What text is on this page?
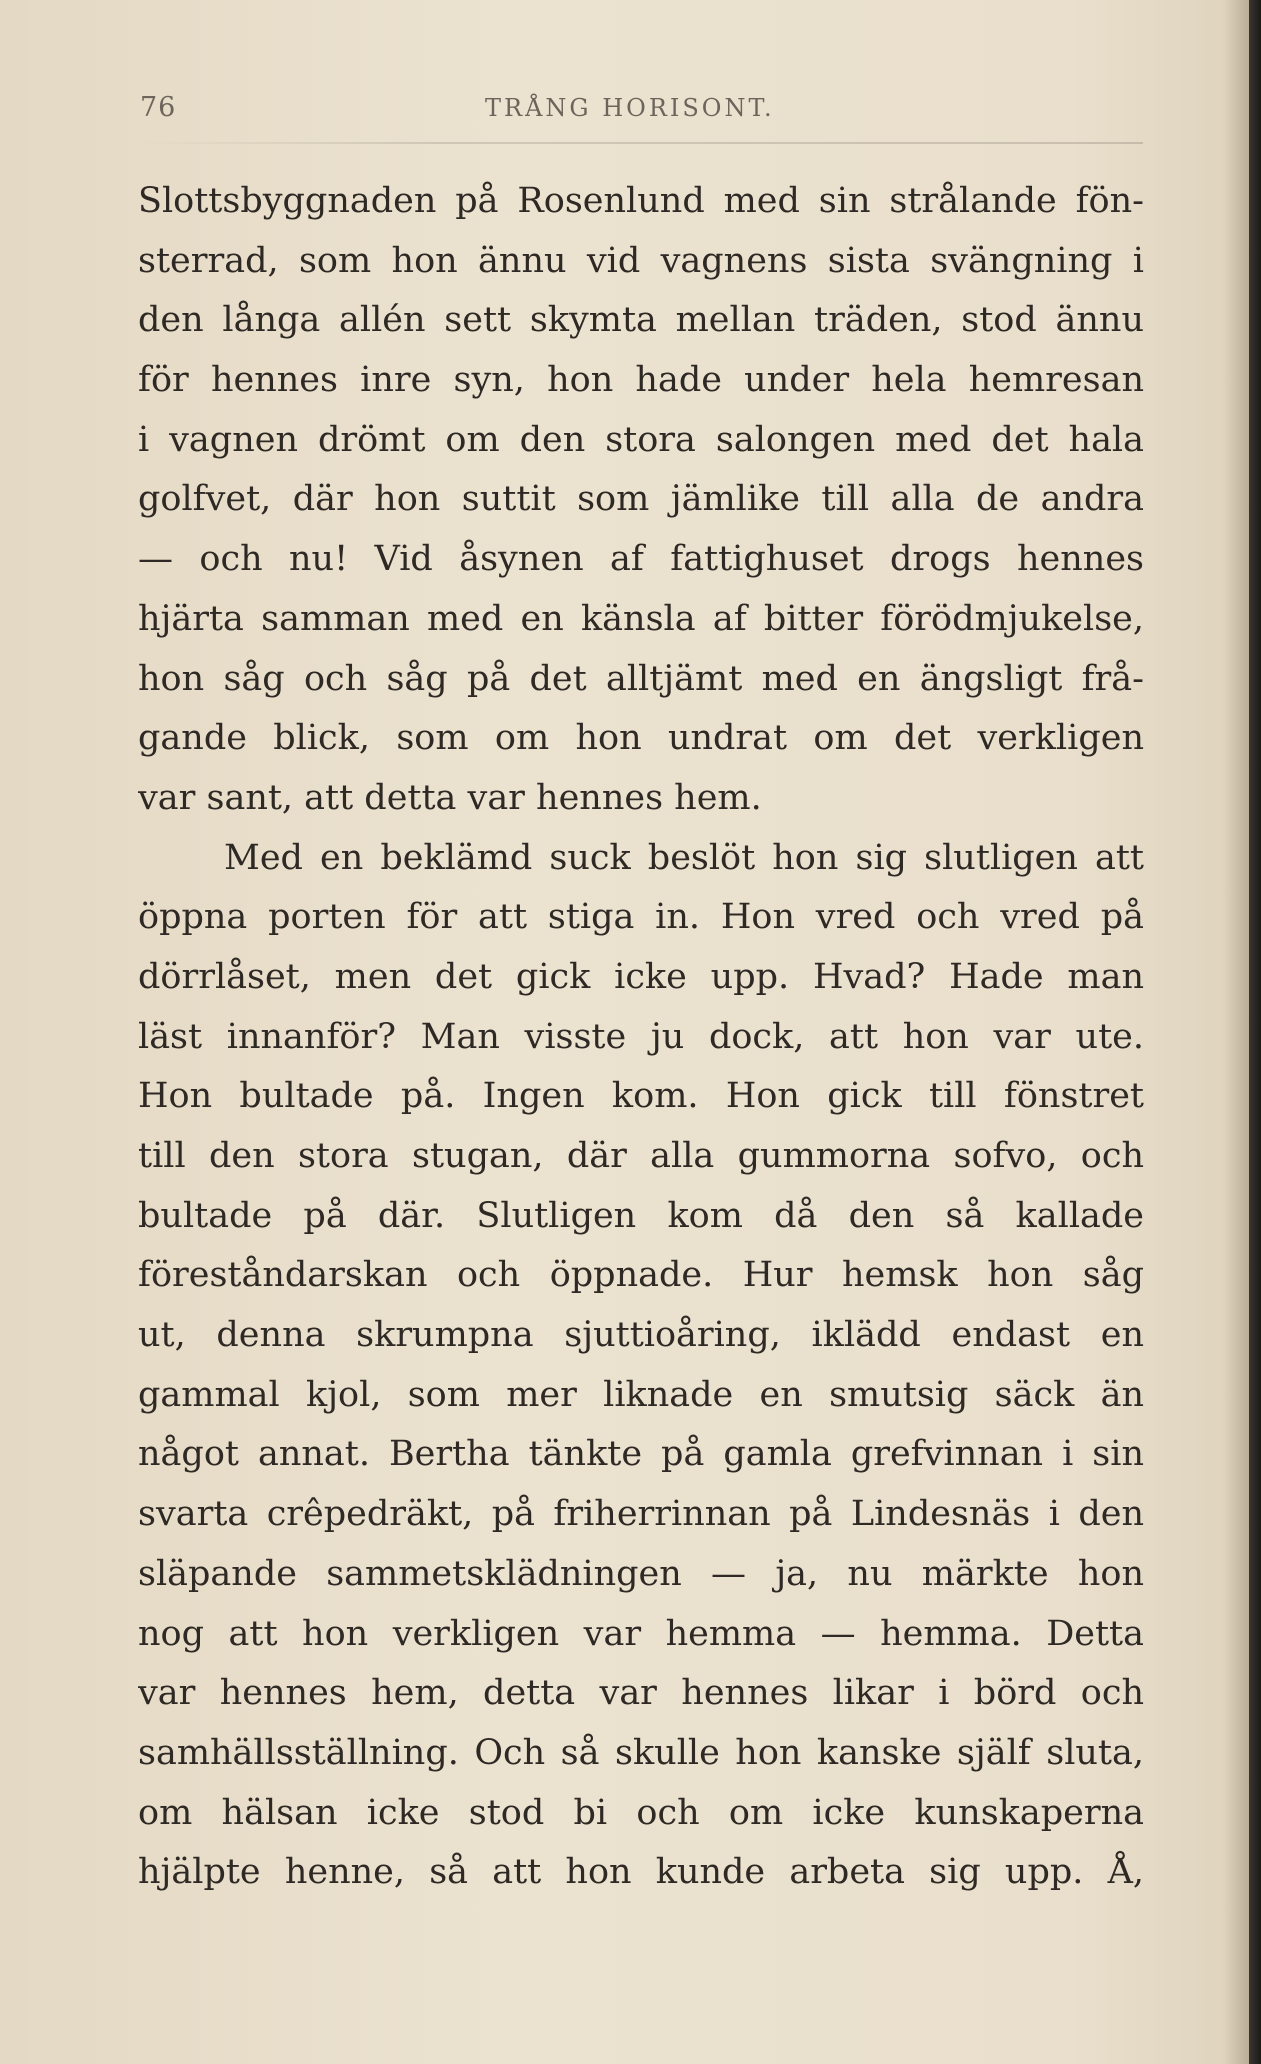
76	TRÅNG HORISONT.
Slottsbyggnaden på Rosenlund med sin strålande fön-
sterrad, som hon ännu vid vagnens sista svängning i
den långa allén sett skymta mellan träden, stod ännu
för hennes inre syn, hon hade under hela hemresan
i vagnen drömt om den stora salongen med det hala
golfvet, där hon suttit som jämlike till alla de andra
— och nu! Vid åsynen af fattighuset drogs hennes
hjärta samman med en känsla af bitter förödmjukelse,
hon såg och såg på det alltjämt med en ängsligt frå-
gande blick, som om hon undrat om det verkligen
var sant, att detta var hennes hem.
Med en beklämd suck beslöt hon sig slutligen att
öppna porten för att stiga in. Hon vred och vred på
dörrlåset, men det gick icke upp. Hvad? Hade man
läst innanför? Man visste ju dock, att hon var ute.
Hon bultade på. Ingen kom. Hon gick till fönstret
till den stora stugan, där alla gummorna sofvo, och
bultade på där. Slutligen kom då den så kallade
föreståndarskan och öppnade. Hur hemsk hon såg
ut, denna skrumpna sjuttioåring, iklädd endast en
gammal kjol, som mer liknade en smutsig säck än
något annat. Bertha tänkte på gamla grefvinnan i sin
svarta crêpedräkt, på friherrinnan på Lindesnäs i den
släpande sammetsklädningen — ja, nu märkte hon
nog att hon verkligen var hemma — hemma. Detta
var hennes hem, detta var hennes likar i börd och
samhällsställning. Och så skulle hon kanske själf sluta,
om hälsan icke stod bi och om icke kunskaperna
hjälpte henne, så att hon kunde arbeta sig upp. Å,
